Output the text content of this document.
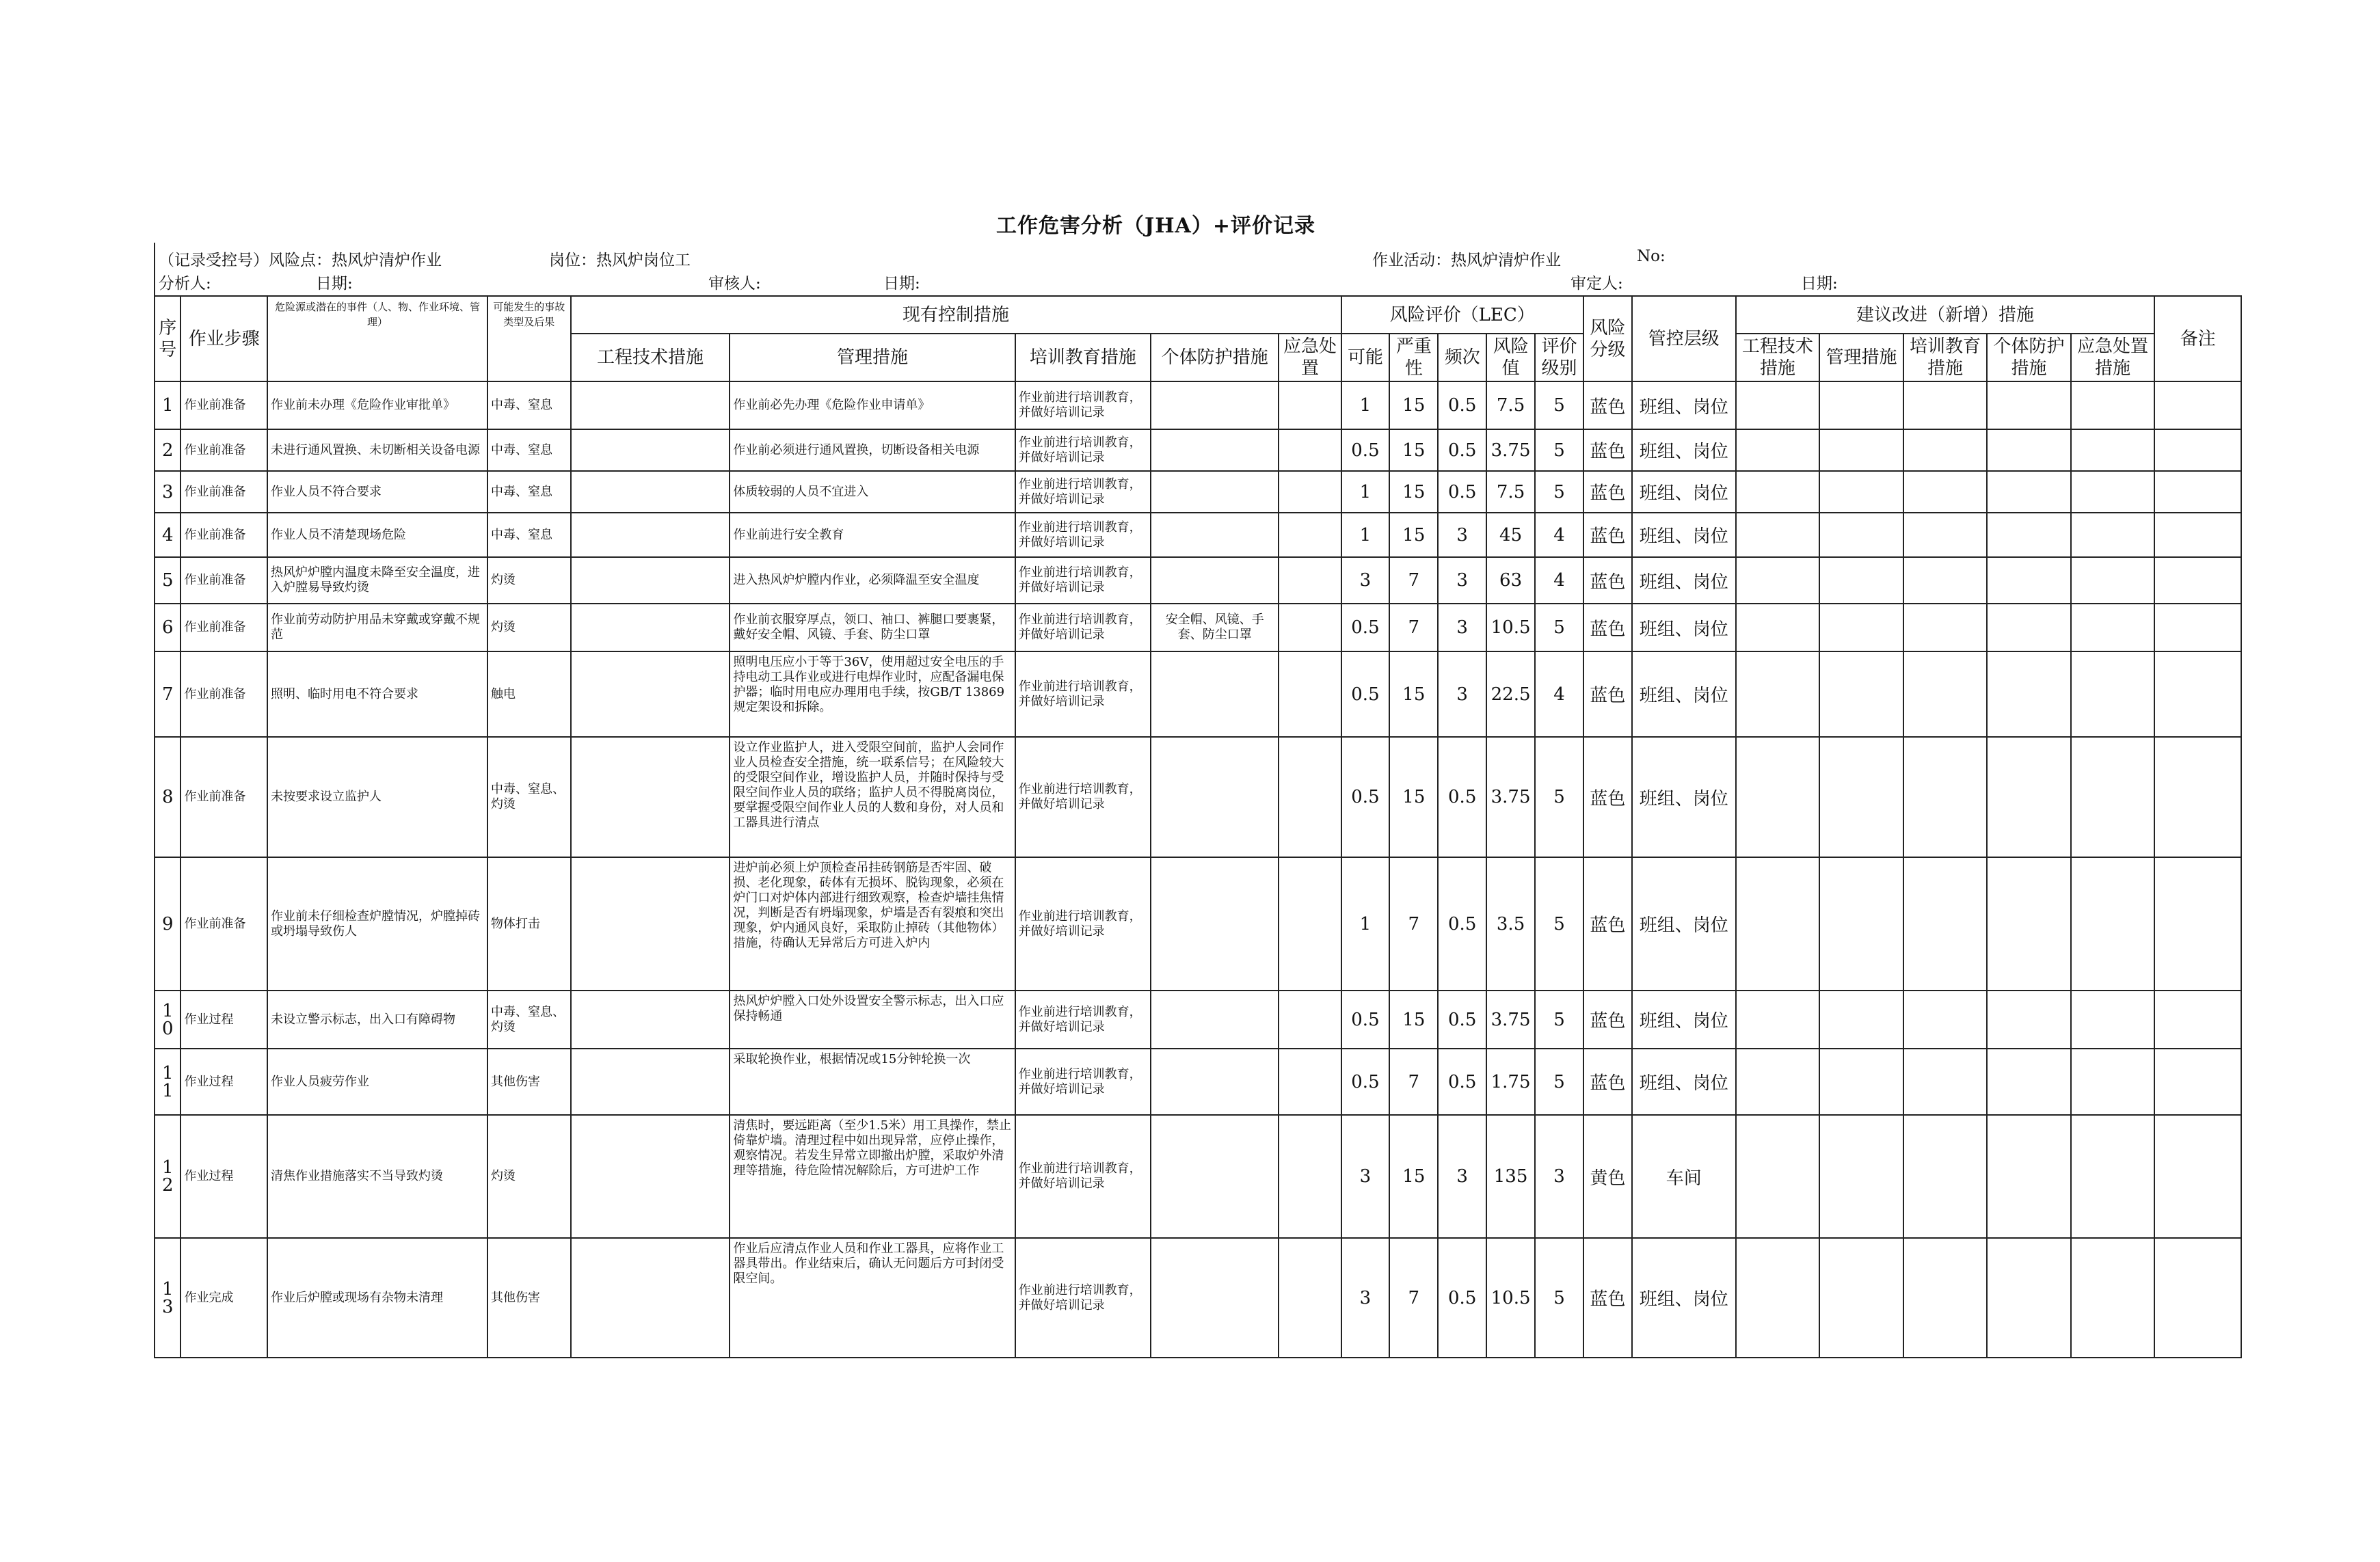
工作危害分析（JHA）+评价记录
（记录受控号）风险点：热风炉清炉作业	岗位：热风炉岗位工	作业活动：热风炉清炉作业	No:
分析人:	日期:	审核人:	日期:	审定人:	日期:
序号	作业步骤	危险源或潜在的事件（人、物、作业环境、管理）	可能发生的事故类型及后果	现有控制措施					风险评价（LEC）					风险分级	管控层级	建议改进（新增）措施					备注
				工程技术措施	管理措施	培训教育措施	个体防护措施	应急处置	可能	严重性	频次	风险值	评价级别			工程技术措施	管理措施	培训教育措施	个体防护措施	应急处置措施	
1	作业前准备	作业前未办理《危险作业审批单》	中毒、窒息		作业前必先办理《危险作业申请单》	作业前进行培训教育，并做好培训记录			1	15	0.5	7.5	5	蓝色	班组、岗位						
2	作业前准备	未进行通风置换、未切断相关设备电源	中毒、窒息		作业前必须进行通风置换，切断设备相关电源	作业前进行培训教育，并做好培训记录			0.5	15	0.5	3.75	5	蓝色	班组、岗位						
3	作业前准备	作业人员不符合要求	中毒、窒息		体质较弱的人员不宜进入	作业前进行培训教育，并做好培训记录			1	15	0.5	7.5	5	蓝色	班组、岗位						
4	作业前准备	作业人员不清楚现场危险	中毒、窒息		作业前进行安全教育	作业前进行培训教育，并做好培训记录			1	15	3	45	4	蓝色	班组、岗位						
5	作业前准备	热风炉炉膛内温度未降至安全温度，进入炉膛易导致灼烫	灼烫		进入热风炉炉膛内作业，必须降温至安全温度	作业前进行培训教育，并做好培训记录			3	7	3	63	4	蓝色	班组、岗位						
6	作业前准备	作业前劳动防护用品未穿戴或穿戴不规范	灼烫		作业前衣服穿厚点，领口、袖口、裤腿口要裹紧，戴好安全帽、风镜、手套、防尘口罩	作业前进行培训教育，并做好培训记录	安全帽、风镜、手套、防尘口罩		0.5	7	3	10.5	5	蓝色	班组、岗位						
7	作业前准备	照明、临时用电不符合要求	触电		照明电压应小于等于36V，使用超过安全电压的手持电动工具作业或进行电焊作业时，应配备漏电保护器；临时用电应办理用电手续，按GB/T 13869 规定架设和拆除。	作业前进行培训教育，并做好培训记录			0.5	15	3	22.5	4	蓝色	班组、岗位						
8	作业前准备	未按要求设立监护人	中毒、窒息、灼烫		设立作业监护人，进入受限空间前，监护人会同作业人员检查安全措施，统一联系信号；在风险较大的受限空间作业，增设监护人员，并随时保持与受限空间作业人员的联络；监护人员不得脱离岗位，要掌握受限空间作业人员的人数和身份，对人员和工器具进行清点	作业前进行培训教育，并做好培训记录			0.5	15	0.5	3.75	5	蓝色	班组、岗位						
9	作业前准备	作业前未仔细检查炉膛情况，炉膛掉砖或坍塌导致伤人	物体打击		进炉前必须上炉顶检查吊挂砖钢筋是否牢固、破损、老化现象，砖体有无损坏、脱钩现象，必须在炉门口对炉体内部进行细致观察，检查炉墙挂焦情况，判断是否有坍塌现象，炉墙是否有裂痕和突出现象，炉内通风良好，采取防止掉砖（其他物体）措施，待确认无异常后方可进入炉内	作业前进行培训教育，并做好培训记录			1	7	0.5	3.5	5	蓝色	班组、岗位						
10	作业过程	未设立警示标志，出入口有障碍物	中毒、窒息、灼烫		热风炉炉膛入口处外设置安全警示标志，出入口应保持畅通	作业前进行培训教育，并做好培训记录			0.5	15	0.5	3.75	5	蓝色	班组、岗位						
11	作业过程	作业人员疲劳作业	其他伤害		采取轮换作业，根据情况或15分钟轮换一次	作业前进行培训教育，并做好培训记录			0.5	7	0.5	1.75	5	蓝色	班组、岗位						
12	作业过程	清焦作业措施落实不当导致灼烫	灼烫		清焦时，要远距离（至少1.5米）用工具操作，禁止倚靠炉墙。清理过程中如出现异常，应停止操作，观察情况。若发生异常立即撤出炉膛，采取炉外清理等措施，待危险情况解除后，方可进炉工作	作业前进行培训教育，并做好培训记录			3	15	3	135	3	黄色	车间						
13	作业完成	作业后炉膛或现场有杂物未清理	其他伤害		作业后应清点作业人员和作业工器具，应将作业工器具带出。作业结束后，确认无问题后方可封闭受限空间。	作业前进行培训教育，并做好培训记录			3	7	0.5	10.5	5	蓝色	班组、岗位						
